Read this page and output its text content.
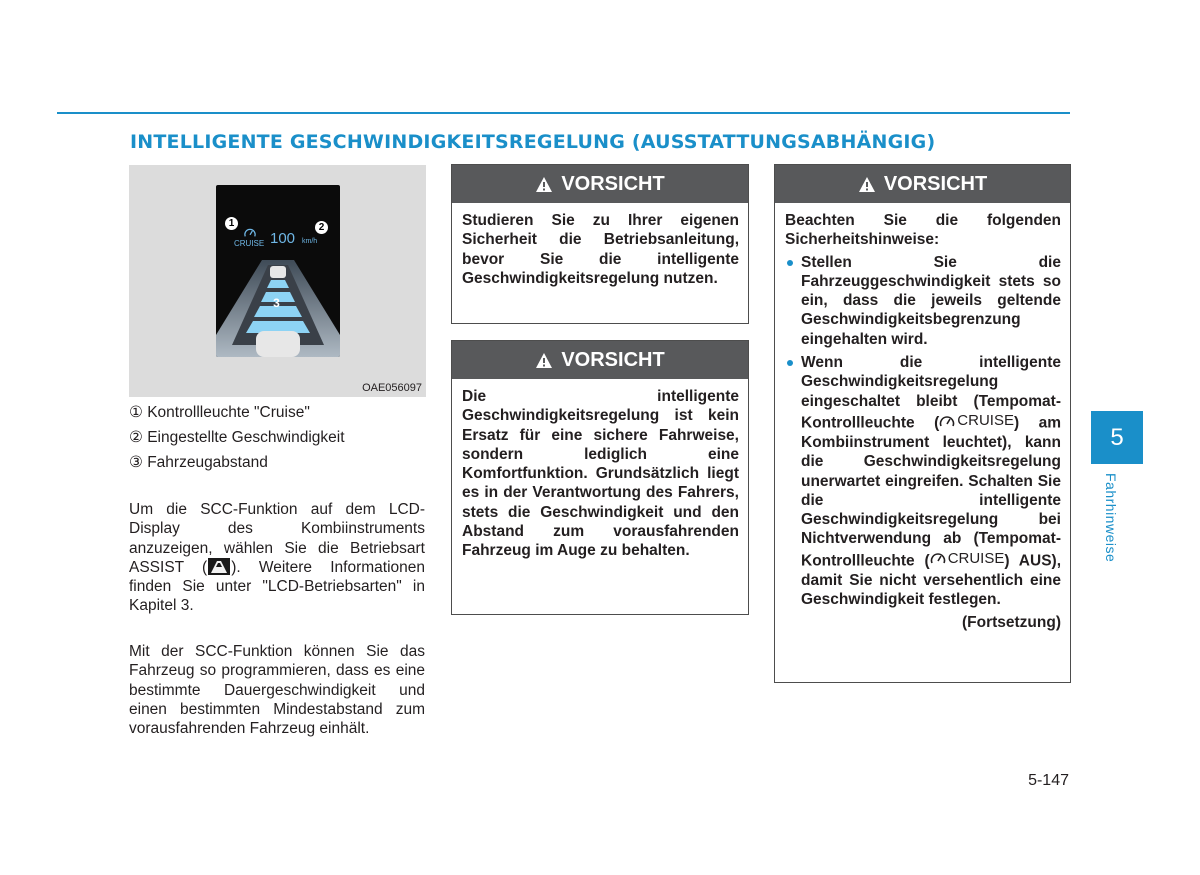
INTELLIGENTE GESCHWINDIGKEITSREGELUNG (AUSSTATTUNGSABHÄNGIG)
1	2
3
CRUISE 100 km/h
OAE056097
① Kontrollleuchte "Cruise"
② Eingestellte Geschwindigkeit
③ Fahrzeugabstand

Um die SCC-Funktion auf dem LCD-Display des Kombiinstruments anzuzeigen, wählen Sie die Betriebsart ASSIST ( ). Weitere Informationen finden Sie unter "LCD-Betriebsarten" in Kapitel 3.

Mit der SCC-Funktion können Sie das Fahrzeug so programmieren, dass es eine bestimmte Dauergeschwindigkeit und einen bestimmten Mindestabstand zum vorausfahrenden Fahrzeug einhält.

VORSICHT

Studieren Sie zu Ihrer eigenen Sicherheit die Betriebsanleitung, bevor Sie die intelligente Geschwindigkeitsregelung nutzen.

VORSICHT

Die intelligente Geschwindigkeitsregelung ist kein Ersatz für eine sichere Fahrweise, sondern lediglich eine Komfortfunktion. Grundsätzlich liegt es in der Verantwortung des Fahrers, stets die Geschwindigkeit und den Abstand zum vorausfahrenden Fahrzeug im Auge zu behalten.

VORSICHT

Beachten Sie die folgenden Sicherheitshinweise:

Stellen Sie die Fahrzeuggeschwindigkeit stets so ein, dass die jeweils geltende Geschwindigkeitsbegrenzung eingehalten wird.
Wenn die intelligente Geschwindigkeitsregelung eingeschaltet bleibt (Tempomat-Kontrollleuchte ( CRUISE ) am Kombiinstrument leuchtet), kann die Geschwindigkeitsregelung unerwartet eingreifen. Schalten Sie die intelligente Geschwindigkeitsregelung bei Nichtverwendung ab (Tempomat-Kontrollleuchte ( CRUISE ) AUS), damit Sie nicht versehentlich eine Geschwindigkeit festlegen.

(Fortsetzung)

5
Fahrhinweise
5-147
